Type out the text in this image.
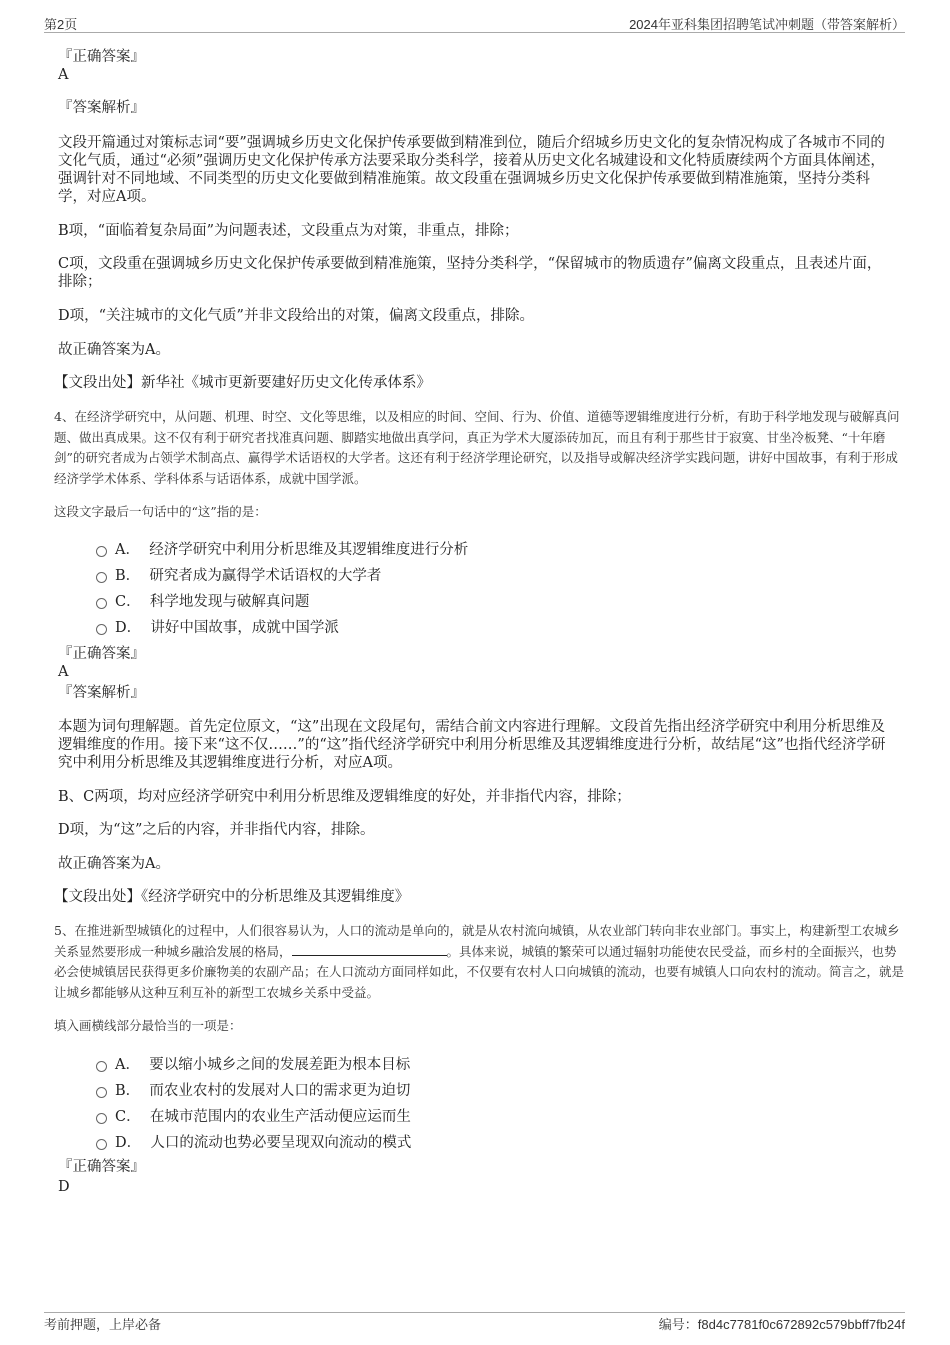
第2页	2024年亚科集团招聘笔试冲刺题（带答案解析）
『正确答案』
A
『答案解析』
文段开篇通过对策标志词“要”强调城乡历史文化保护传承要做到精准到位，随后介绍城乡历史文化的复杂情况构成了各城市不同的文化气质，通过“必须”强调历史文化保护传承方法要采取分类科学，接着从历史文化名城建设和文化特质赓续两个方面具体阐述，强调针对不同地域、不同类型的历史文化要做到精准施策。故文段重在强调城乡历史文化保护传承要做到精准施策，坚持分类科学，对应A项。
B项，“面临着复杂局面”为问题表述，文段重点为对策，非重点，排除；
C项，文段重在强调城乡历史文化保护传承要做到精准施策，坚持分类科学，“保留城市的物质遗存”偏离文段重点，且表述片面，排除；
D项，“关注城市的文化气质”并非文段给出的对策，偏离文段重点，排除。
故正确答案为A。
【文段出处】新华社《城市更新要建好历史文化传承体系》
4、在经济学研究中，从问题、机理、时空、文化等思维，以及相应的时间、空间、行为、价值、道德等逻辑维度进行分析，有助于科学地发现与破解真问题、做出真成果。这不仅有利于研究者找准真问题、脚踏实地做出真学问，真正为学术大厦添砖加瓦，而且有利于那些甘于寂寞、甘坐冷板凳、“十年磨剑”的研究者成为占领学术制高点、赢得学术话语权的大学者。这还有利于经济学理论研究，以及指导或解决经济学实践问题，讲好中国故事，有利于形成经济学学术体系、学科体系与话语体系，成就中国学派。
这段文字最后一句话中的“这”指的是：
A．
经济学研究中利用分析思维及其逻辑维度进行分析
B．
研究者成为赢得学术话语权的大学者
C．
科学地发现与破解真问题
D．
讲好中国故事，成就中国学派
『正确答案』
A
『答案解析』
本题为词句理解题。首先定位原文，“这”出现在文段尾句，需结合前文内容进行理解。文段首先指出经济学研究中利用分析思维及逻辑维度的作用。接下来“这不仅……”的“这”指代经济学研究中利用分析思维及其逻辑维度进行分析，故结尾“这”也指代经济学研究中利用分析思维及其逻辑维度进行分析，对应A项。
B、C两项，均对应经济学研究中利用分析思维及逻辑维度的好处，并非指代内容，排除；
D项，为“这”之后的内容，并非指代内容，排除。
故正确答案为A。
【文段出处】《经济学研究中的分析思维及其逻辑维度》
5、在推进新型城镇化的过程中，人们很容易认为，人口的流动是单向的，就是从农村流向城镇，从农业部门转向非农业部门。事实上，构建新型工农城乡关系显然要形成一种城乡融洽发展的格局，	。具体来说，城镇的繁荣可以通过辐射功能使农民受益，而乡村的全面振兴，也势必会使城镇居民获得更多价廉物美的农副产品；在人口流动方面同样如此，不仅要有农村人口向城镇的流动，也要有城镇人口向农村的流动。简言之，就是让城乡都能够从这种互利互补的新型工农城乡关系中受益。
填入画横线部分最恰当的一项是：
A．
要以缩小城乡之间的发展差距为根本目标
B．
而农业农村的发展对人口的需求更为迫切
C．
在城市范围内的农业生产活动便应运而生
D．
人口的流动也势必要呈现双向流动的模式
『正确答案』
D
考前押题，上岸必备	编号：f8d4c7781f0c672892c579bbff7fb24f
